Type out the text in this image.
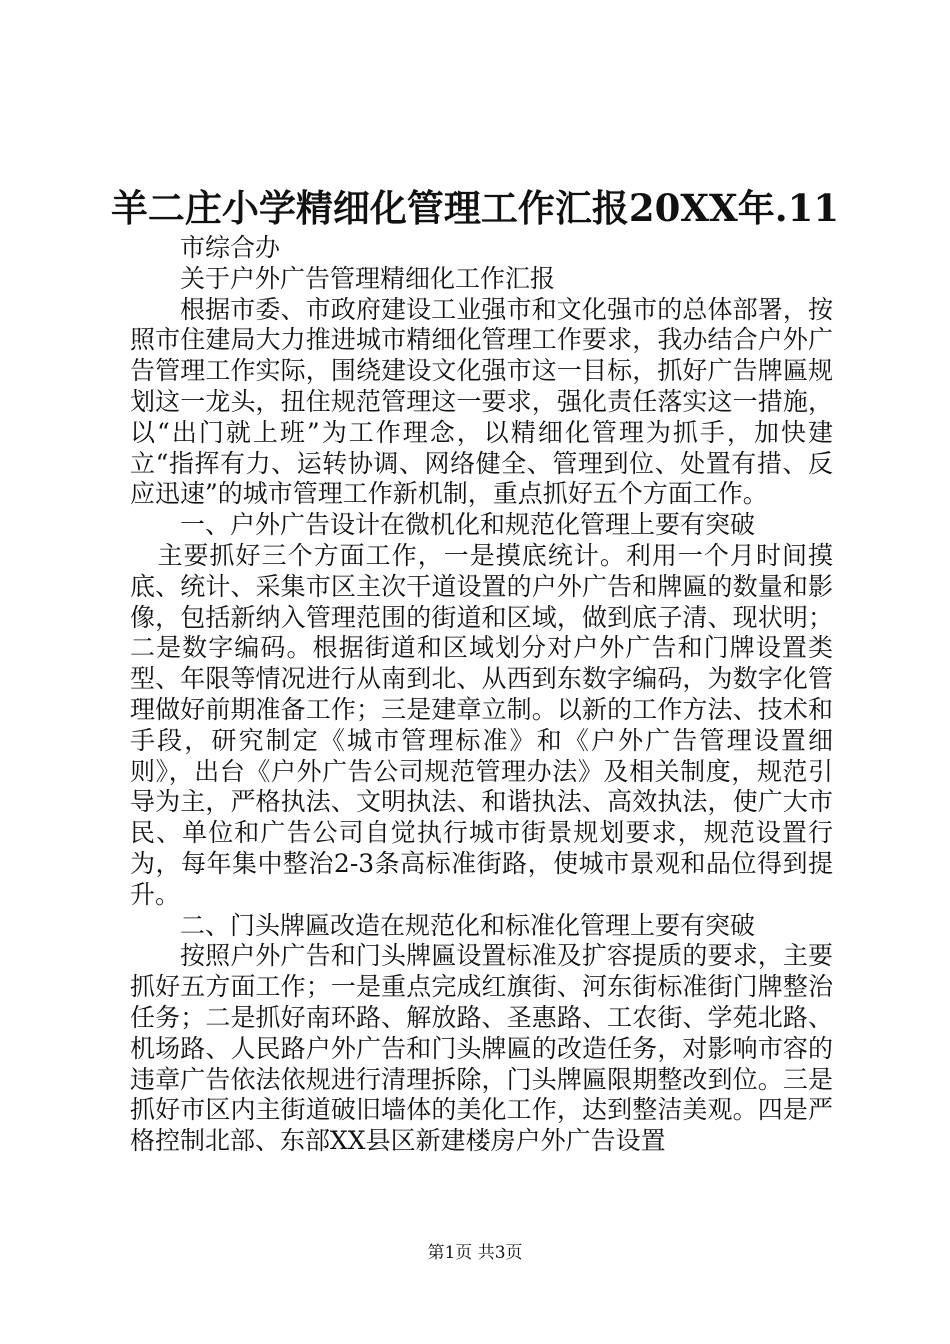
羊二庄小学精细化管理工作汇报20XX年.11

市综合办

关于户外广告管理精细化工作汇报

根据市委、市政府建设工业强市和文化强市的总体部署，按照市住建局大力推进城市精细化管理工作要求，我办结合户外广告管理工作实际，围绕建设文化强市这一目标，抓好广告牌匾规划这一龙头，扭住规范管理这一要求，强化责任落实这一措施，以“出门就上班”为工作理念，以精细化管理为抓手，加快建立“指挥有力、运转协调、网络健全、管理到位、处置有措、反应迅速”的城市管理工作新机制，重点抓好五个方面工作。

一、户外广告设计在微机化和规范化管理上要有突破

主要抓好三个方面工作，一是摸底统计。利用一个月时间摸底、统计、采集市区主次干道设置的户外广告和牌匾的数量和影像，包括新纳入管理范围的街道和区域，做到底子清、现状明；二是数字编码。根据街道和区域划分对户外广告和门牌设置类型、年限等情况进行从南到北、从西到东数字编码，为数字化管理做好前期准备工作；三是建章立制。以新的工作方法、技术和手段，研究制定《城市管理标准》和《户外广告管理设置细则》，出台《户外广告公司规范管理办法》及相关制度，规范引导为主，严格执法、文明执法、和谐执法、高效执法，使广大市民、单位和广告公司自觉执行城市街景规划要求，规范设置行为，每年集中整治2-3条高标准街路，使城市景观和品位得到提升。

二、门头牌匾改造在规范化和标准化管理上要有突破

按照户外广告和门头牌匾设置标准及扩容提质的要求，主要抓好五方面工作；一是重点完成红旗街、河东街标准街门牌整治任务；二是抓好南环路、解放路、圣惠路、工农街、学苑北路、机场路、人民路户外广告和门头牌匾的改造任务，对影响市容的违章广告依法依规进行清理拆除，门头牌匾限期整改到位。三是抓好市区内主街道破旧墙体的美化工作，达到整洁美观。四是严格控制北部、东部XX县区新建楼房户外广告设置

第1页 共3页
